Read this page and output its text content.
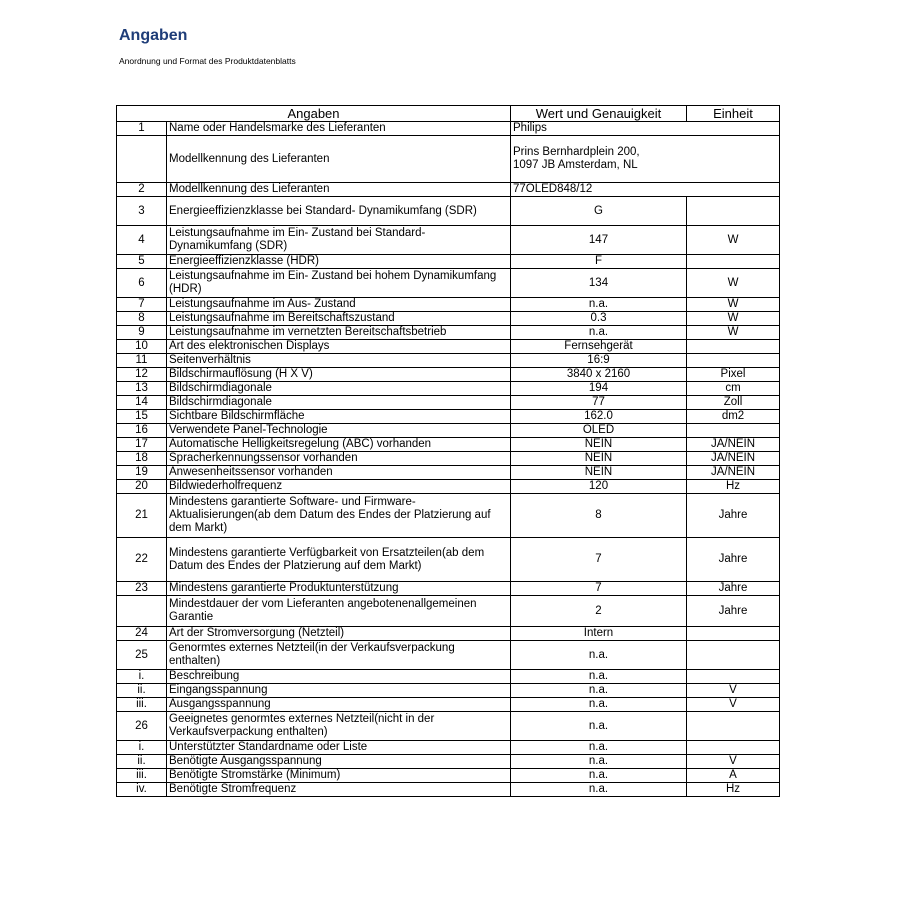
Angaben
Anordnung und Format des Produktdatenblatts
Angaben		Wert und Genauigkeit	Einheit
1	Name oder Handelsmarke des Lieferanten	Philips	
	Modellkennung des Lieferanten	Prins Bernhardplein 200,
1097 JB Amsterdam, NL	
2	Modellkennung des Lieferanten	77OLED848/12	
3	Energieeffizienzklasse bei Standard- Dynamikumfang (SDR)	G	
4	Leistungsaufnahme im Ein- Zustand bei Standard- Dynamikumfang (SDR)	147	W
5	Energieeffizienzklasse (HDR)	F	
6	Leistungsaufnahme im Ein- Zustand bei hohem Dynamikumfang (HDR)	134	W
7	Leistungsaufnahme im Aus- Zustand	n.a.	W
8	Leistungsaufnahme im Bereitschaftszustand	0.3	W
9	Leistungsaufnahme im vernetzten Bereitschaftsbetrieb	n.a.	W
10	Art des elektronischen Displays	Fernsehgerät	
11	Seitenverhältnis	16:9	
12	Bildschirmauflösung (H X V)	3840 x 2160	Pixel
13	Bildschirmdiagonale	194	cm
14	Bildschirmdiagonale	77	Zoll
15	Sichtbare Bildschirmfläche	162.0	dm2
16	Verwendete Panel-Technologie	OLED	
17	Automatische Helligkeitsregelung (ABC) vorhanden	NEIN	JA/NEIN
18	Spracherkennungssensor vorhanden	NEIN	JA/NEIN
19	Anwesenheitssensor vorhanden	NEIN	JA/NEIN
20	Bildwiederholfrequenz	120	Hz
21	Mindestens garantierte Software- und Firmware-Aktualisierungen(ab dem Datum des Endes der Platzierung auf dem Markt)	8	Jahre
22	Mindestens garantierte Verfügbarkeit von Ersatzteilen(ab dem Datum des Endes der Platzierung auf dem Markt)	7	Jahre
23	Mindestens garantierte Produktunterstützung	7	Jahre
	Mindestdauer der vom Lieferanten angebotenenallgemeinen Garantie	2	Jahre
24	Art der Stromversorgung (Netzteil)	Intern	
25	Genormtes externes Netzteil(in der Verkaufsverpackung enthalten)	n.a.	
i.	Beschreibung	n.a.	
ii.	Eingangsspannung	n.a.	V
iii.	Ausgangsspannung	n.a.	V
26	Geeignetes genormtes externes Netzteil(nicht in der Verkaufsverpackung enthalten)	n.a.	
i.	Unterstützter Standardname oder Liste	n.a.	
ii.	Benötigte Ausgangsspannung	n.a.	V
iii.	Benötigte Stromstärke (Minimum)	n.a.	A
iv.	Benötigte Stromfrequenz	n.a.	Hz
